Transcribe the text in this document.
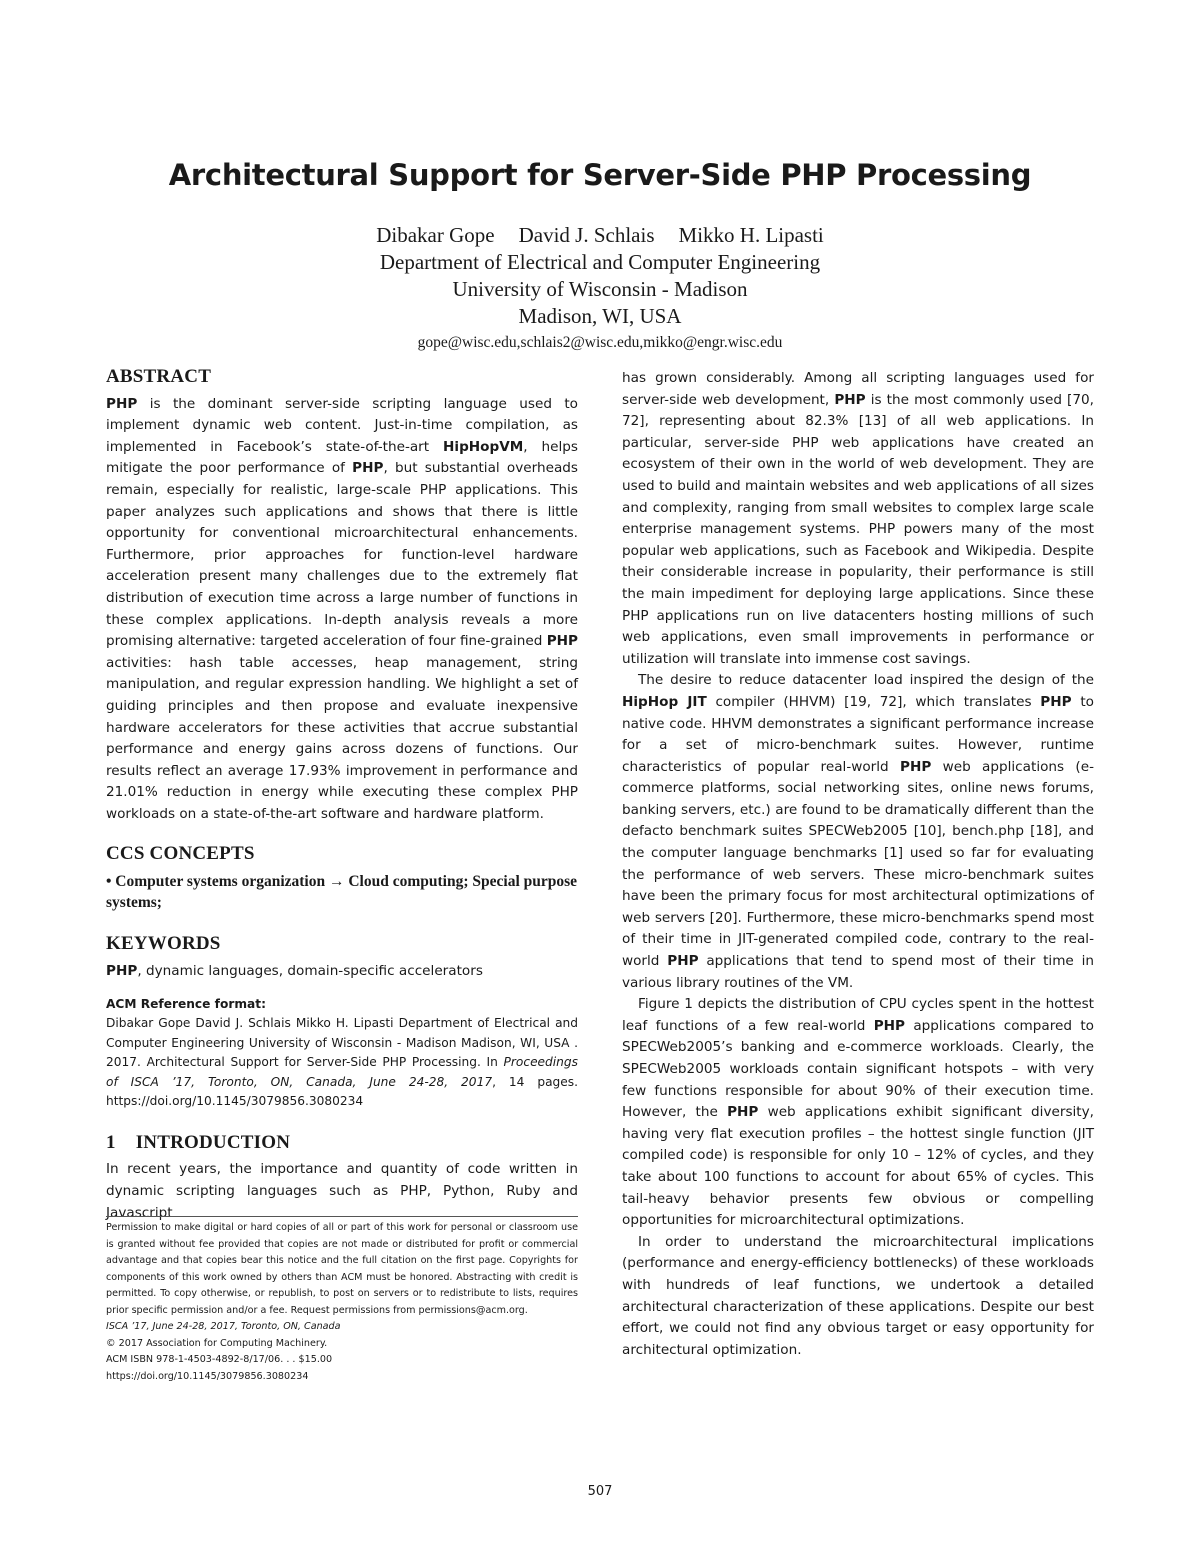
Architectural Support for Server-Side PHP Processing
Dibakar Gope David J. Schlais Mikko H. Lipasti
Department of Electrical and Computer Engineering
University of Wisconsin - Madison
Madison, WI, USA
gope@wisc.edu,schlais2@wisc.edu,mikko@engr.wisc.edu
ABSTRACT

PHP is the dominant server-side scripting language used to implement dynamic web content. Just-in-time compilation, as implemented in Facebook’s state-of-the-art HipHopVM, helps mitigate the poor performance of PHP, but substantial overheads remain, especially for realistic, large-scale PHP applications. This paper analyzes such applications and shows that there is little opportunity for conventional microarchitectural enhancements. Furthermore, prior approaches for function-level hardware acceleration present many challenges due to the extremely flat distribution of execution time across a large number of functions in these complex applications. In-depth analysis reveals a more promising alternative: targeted acceleration of four fine-grained PHP activities: hash table accesses, heap management, string manipulation, and regular expression handling. We highlight a set of guiding principles and then propose and evaluate inexpensive hardware accelerators for these activities that accrue substantial performance and energy gains across dozens of functions. Our results reflect an average 17.93% improvement in performance and 21.01% reduction in energy while executing these complex PHP workloads on a state-of-the-art software and hardware platform.

CCS CONCEPTS
• Computer systems organization → Cloud computing; Special purpose systems;
KEYWORDS

PHP, dynamic languages, domain-specific accelerators

ACM Reference format:

Dibakar Gope David J. Schlais Mikko H. Lipasti Department of Electrical and Computer Engineering University of Wisconsin - Madison Madison, WI, USA . 2017. Architectural Support for Server-Side PHP Processing. In Proceedings of ISCA ’17, Toronto, ON, Canada, June 24-28, 2017, 14 pages. https://doi.org/10.1145/3079856.3080234

1 INTRODUCTION

In recent years, the importance and quantity of code written in dynamic scripting languages such as PHP, Python, Ruby and Javascript

Permission to make digital or hard copies of all or part of this work for personal or classroom use is granted without fee provided that copies are not made or distributed for profit or commercial advantage and that copies bear this notice and the full citation on the first page. Copyrights for components of this work owned by others than ACM must be honored. Abstracting with credit is permitted. To copy otherwise, or republish, to post on servers or to redistribute to lists, requires prior specific permission and/or a fee. Request permissions from permissions@acm.org.

ISCA ’17, June 24-28, 2017, Toronto, ON, Canada

© 2017 Association for Computing Machinery.

ACM ISBN 978-1-4503-4892-8/17/06. . . $15.00

https://doi.org/10.1145/3079856.3080234

has grown considerably. Among all scripting languages used for server-side web development, PHP is the most commonly used [70, 72], representing about 82.3% [13] of all web applications. In particular, server-side PHP web applications have created an ecosystem of their own in the world of web development. They are used to build and maintain websites and web applications of all sizes and complexity, ranging from small websites to complex large scale enterprise management systems. PHP powers many of the most popular web applications, such as Facebook and Wikipedia. Despite their considerable increase in popularity, their performance is still the main impediment for deploying large applications. Since these PHP applications run on live datacenters hosting millions of such web applications, even small improvements in performance or utilization will translate into immense cost savings.

The desire to reduce datacenter load inspired the design of the HipHop JIT compiler (HHVM) [19, 72], which translates PHP to native code. HHVM demonstrates a significant performance increase for a set of micro-benchmark suites. However, runtime characteristics of popular real-world PHP web applications (e-commerce platforms, social networking sites, online news forums, banking servers, etc.) are found to be dramatically different than the defacto benchmark suites SPECWeb2005 [10], bench.php [18], and the computer language benchmarks [1] used so far for evaluating the performance of web servers. These micro-benchmark suites have been the primary focus for most architectural optimizations of web servers [20]. Furthermore, these micro-benchmarks spend most of their time in JIT-generated compiled code, contrary to the real-world PHP applications that tend to spend most of their time in various library routines of the VM.

Figure 1 depicts the distribution of CPU cycles spent in the hottest leaf functions of a few real-world PHP applications compared to SPECWeb2005’s banking and e-commerce workloads. Clearly, the SPECWeb2005 workloads contain significant hotspots – with very few functions responsible for about 90% of their execution time. However, the PHP web applications exhibit significant diversity, having very flat execution profiles – the hottest single function (JIT compiled code) is responsible for only 10 – 12% of cycles, and they take about 100 functions to account for about 65% of cycles. This tail-heavy behavior presents few obvious or compelling opportunities for microarchitectural optimizations.

In order to understand the microarchitectural implications (performance and energy-efficiency bottlenecks) of these workloads with hundreds of leaf functions, we undertook a detailed architectural characterization of these applications. Despite our best effort, we could not find any obvious target or easy opportunity for architectural optimization.

507
